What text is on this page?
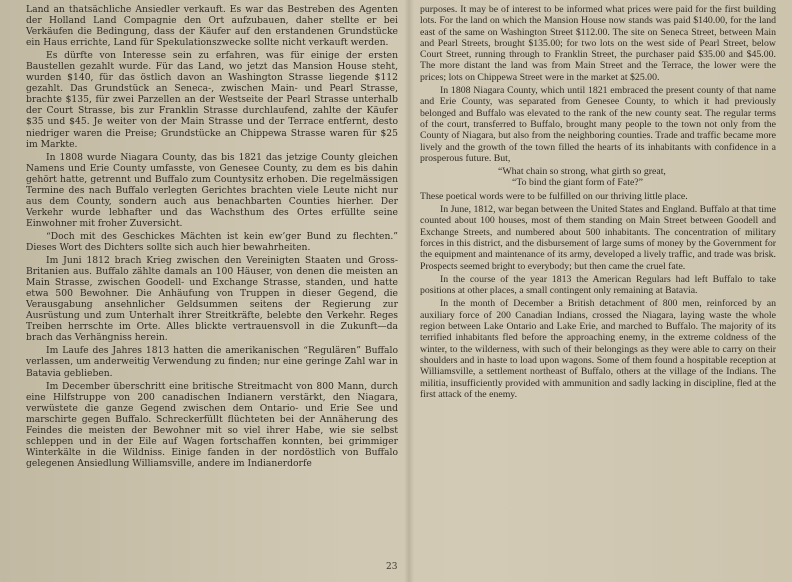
Land an thatsächliche Ansiedler verkauft. Es war das Bestreben des Agenten der Holland Land Compagnie den Ort aufzubauen, daher stellte er bei Verkäufen die Bedingung, dass der Käufer auf den erstandenen Grundstücke ein Haus errichte, Land für Spekulationszwecke sollte nicht verkauft werden.

Es dürfte von Interesse sein zu erfahren, was für einige der ersten Baustellen gezahlt wurde. Für das Land, wo jetzt das Mansion House steht, wurden $140, für das östlich davon an Washington Strasse liegende $112 gezahlt. Das Grundstück an Seneca-, zwischen Main- und Pearl Strasse, brachte $135, für zwei Parzellen an der Westseite der Pearl Strasse unterhalb der Court Strasse, bis zur Franklin Strasse durchlaufend, zahlte der Käufer $35 und $45. Je weiter von der Main Strasse und der Terrace entfernt, desto niedriger waren die Preise; Grundstücke an Chippewa Strasse waren für $25 im Markte.

In 1808 wurde Niagara County, das bis 1821 das jetzige County gleichen Namens und Erie County umfasste, von Genesee County, zu dem es bis dahin gehört hatte, getrennt und Buffalo zum Countysitz erhoben. Die regelmässigen Termine des nach Buffalo verlegten Gerichtes brachten viele Leute nicht nur aus dem County, sondern auch aus benachbarten Counties hierher. Der Verkehr wurde lebhafter und das Wachsthum des Ortes erfüllte seine Einwohner mit froher Zuversicht.

“Doch mit des Geschickes Mächten ist kein ew’ger Bund zu flechten.” Dieses Wort des Dichters sollte sich auch hier bewahrheiten.

Im Juni 1812 brach Krieg zwischen den Vereinigten Staaten und Gross-Britanien aus. Buffalo zählte damals an 100 Häuser, von denen die meisten an Main Strasse, zwischen Goodell- und Exchange Strasse, standen, und hatte etwa 500 Bewohner. Die Anhäufung von Truppen in dieser Gegend, die Verausgabung ansehnlicher Geldsummen seitens der Regierung zur Ausrüstung und zum Unterhalt ihrer Streitkräfte, belebte den Verkehr. Reges Treiben herrschte im Orte. Alles blickte vertrauensvoll in die Zukunft—da brach das Verhängniss herein.

Im Laufe des Jahres 1813 hatten die amerikanischen “Regulären” Buffalo verlassen, um anderweitig Verwendung zu finden; nur eine geringe Zahl war in Batavia geblieben.

Im December überschritt eine britische Streitmacht von 800 Mann, durch eine Hilfstruppe von 200 canadischen Indianern verstärkt, den Niagara, verwüstete die ganze Gegend zwischen dem Ontario- und Erie See und marschirte gegen Buffalo. Schreckerfüllt flüchteten bei der Annäherung des Feindes die meisten der Bewohner mit so viel ihrer Habe, wie sie selbst schleppen und in der Eile auf Wagen fortschaffen konnten, bei grimmiger Winterkälte in die Wildniss. Einige fanden in der nordöstlich von Buffalo gelegenen Ansiedlung Williamsville, andere im Indianerdorfe

purposes. It may be of interest to be informed what prices were paid for the first building lots. For the land on which the Mansion House now stands was paid $140.00, for the land east of the same on Washington Street $112.00. The site on Seneca Street, between Main and Pearl Streets, brought $135.00; for two lots on the west side of Pearl Street, below Court Street, running through to Franklin Street, the purchaser paid $35.00 and $45.00. The more distant the land was from Main Street and the Terrace, the lower were the prices; lots on Chippewa Street were in the market at $25.00.

In 1808 Niagara County, which until 1821 embraced the present county of that name and Erie County, was separated from Genesee County, to which it had previously belonged and Buffalo was elevated to the rank of the new county seat. The regular terms of the court, transferred to Buffalo, brought many people to the town not only from the County of Niagara, but also from the neighboring counties. Trade and traffic became more lively and the growth of the town filled the hearts of its inhabitants with confidence in a prosperous future. But,

“What chain so strong, what girth so great,

“To bind the giant form of Fate?”

These poetical words were to be fulfilled on our thriving little place.

In June, 1812, war began between the United States and England. Buffalo at that time counted about 100 houses, most of them standing on Main Street between Goodell and Exchange Streets, and numbered about 500 inhabitants. The concentration of military forces in this district, and the disbursement of large sums of money by the Government for the equipment and maintenance of its army, developed a lively traffic, and trade was brisk. Prospects seemed bright to everybody; but then came the cruel fate.

In the course of the year 1813 the American Regulars had left Buffalo to take positions at other places, a small contingent only remaining at Batavia.

In the month of December a British detachment of 800 men, reinforced by an auxiliary force of 200 Canadian Indians, crossed the Niagara, laying waste the whole region between Lake Ontario and Lake Erie, and marched to Buffalo. The majority of its terrified inhabitants fled before the approaching enemy, in the extreme coldness of the winter, to the wilderness, with such of their belongings as they were able to carry on their shoulders and in haste to load upon wagons. Some of them found a hospitable reception at Williamsville, a settlement northeast of Buffalo, others at the village of the Indians. The militia, insufficiently provided with ammunition and sadly lacking in discipline, fled at the first attack of the enemy.

23
